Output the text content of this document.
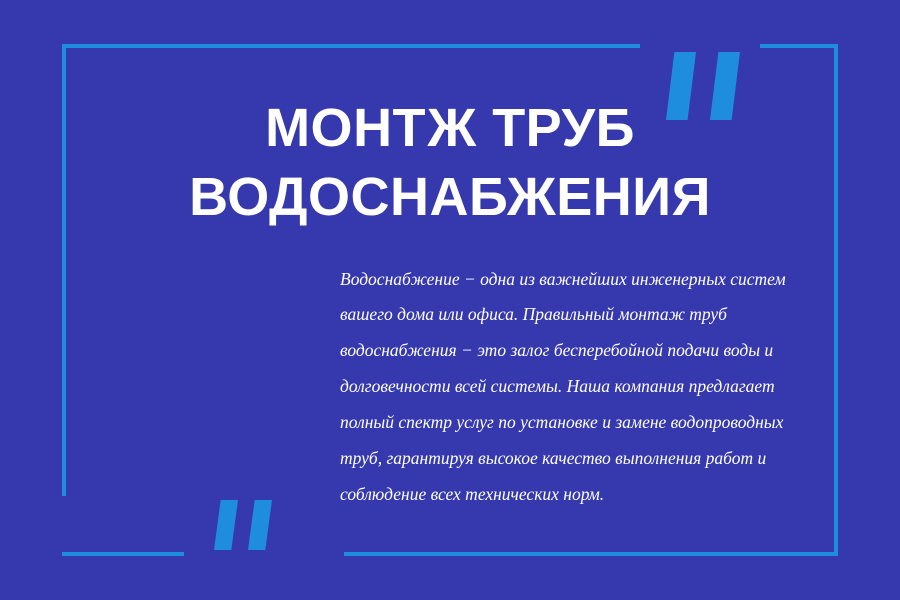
МОНТЖ ТРУБ
ВОДОСНАБЖЕНИЯ

Водоснабжение − одна из важнейших инженерных систем вашего дома или офиса. Правильный монтаж труб водоснабжения − это залог бесперебойной подачи воды и долговечности всей системы. Наша компания предлагает полный спектр услуг по установке и замене водопроводных труб, гарантируя высокое качество выполнения работ и соблюдение всех технических норм.
